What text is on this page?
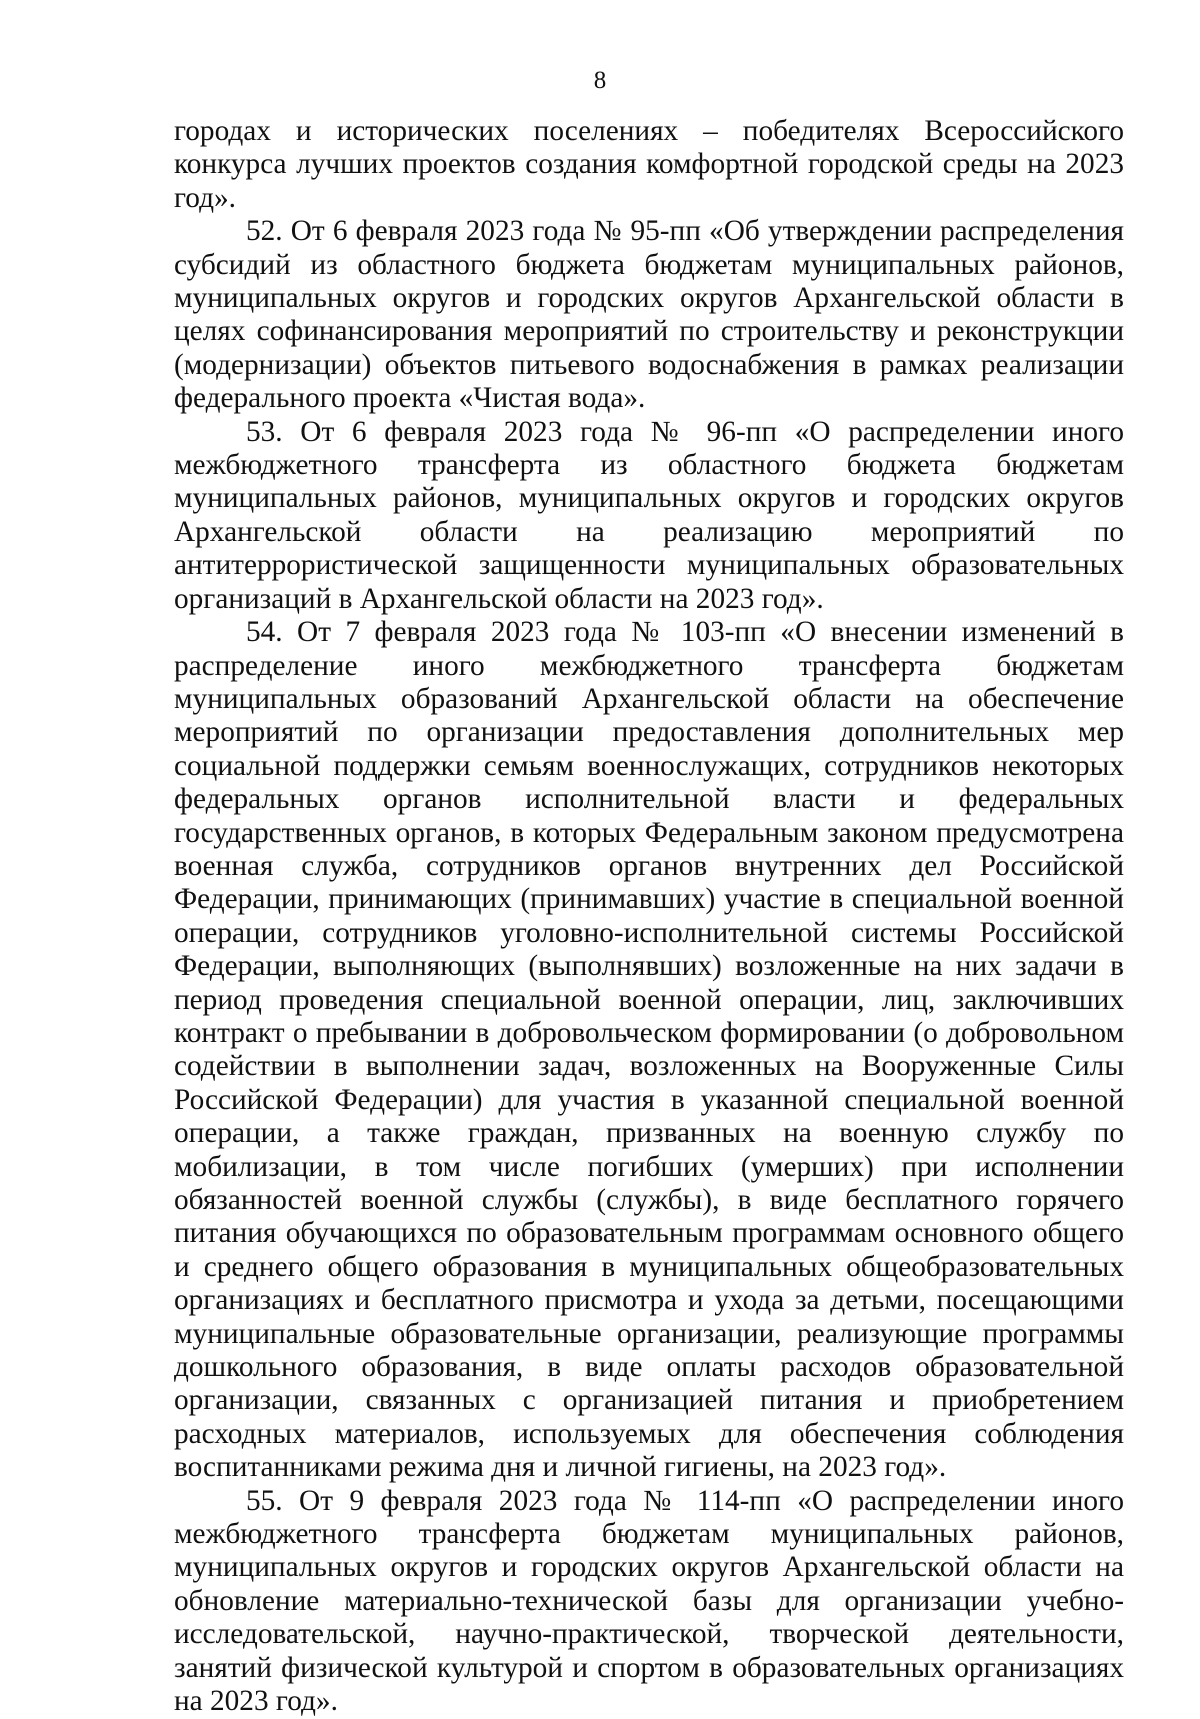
8

городах и исторических поселениях – победителях Всероссийского конкурса лучших проектов создания комфортной городской среды на 2023 год».

52. От 6 февраля 2023 года № 95-пп «Об утверждении распределения субсидий из областного бюджета бюджетам муниципальных районов, муниципальных округов и городских округов Архангельской области в целях софинансирования мероприятий по строительству и реконструкции (модернизации) объектов питьевого водоснабжения в рамках реализации федерального проекта «Чистая вода».

53. От 6 февраля 2023 года № 96-пп «О распределении иного межбюджетного трансферта из областного бюджета бюджетам муниципальных районов, муниципальных округов и городских округов Архангельской области на реализацию мероприятий по антитеррористической защищенности муниципальных образовательных организаций в Архангельской области на 2023 год».

54. От 7 февраля 2023 года № 103-пп «О внесении изменений в распределение иного межбюджетного трансферта бюджетам муниципальных образований Архангельской области на обеспечение мероприятий по организации предоставления дополнительных мер социальной поддержки семьям военнослужащих, сотрудников некоторых федеральных органов исполнительной власти и федеральных государственных органов, в которых Федеральным законом предусмотрена военная служба, сотрудников органов внутренних дел Российской Федерации, принимающих (принимавших) участие в специальной военной операции, сотрудников уголовно-исполнительной системы Российской Федерации, выполняющих (выполнявших) возложенные на них задачи в период проведения специальной военной операции, лиц, заключивших контракт о пребывании в добровольческом формировании (о добровольном содействии в выполнении задач, возложенных на Вооруженные Силы Российской Федерации) для участия в указанной специальной военной операции, а также граждан, призванных на военную службу по мобилизации, в том числе погибших (умерших) при исполнении обязанностей военной службы (службы), в виде бесплатного горячего питания обучающихся по образовательным программам основного общего и среднего общего образования в муниципальных общеобразовательных организациях и бесплатного присмотра и ухода за детьми, посещающими муниципальные образовательные организации, реализующие программы дошкольного образования, в виде оплаты расходов образовательной организации, связанных с организацией питания и приобретением расходных материалов, используемых для обеспечения соблюдения воспитанниками режима дня и личной гигиены, на 2023 год».

55. От 9 февраля 2023 года № 114-пп «О распределении иного межбюджетного трансферта бюджетам муниципальных районов, муниципальных округов и городских округов Архангельской области на обновление материально-технической базы для организации учебно-исследовательской, научно-практической, творческой деятельности, занятий физической культурой и спортом в образовательных организациях на 2023 год».
